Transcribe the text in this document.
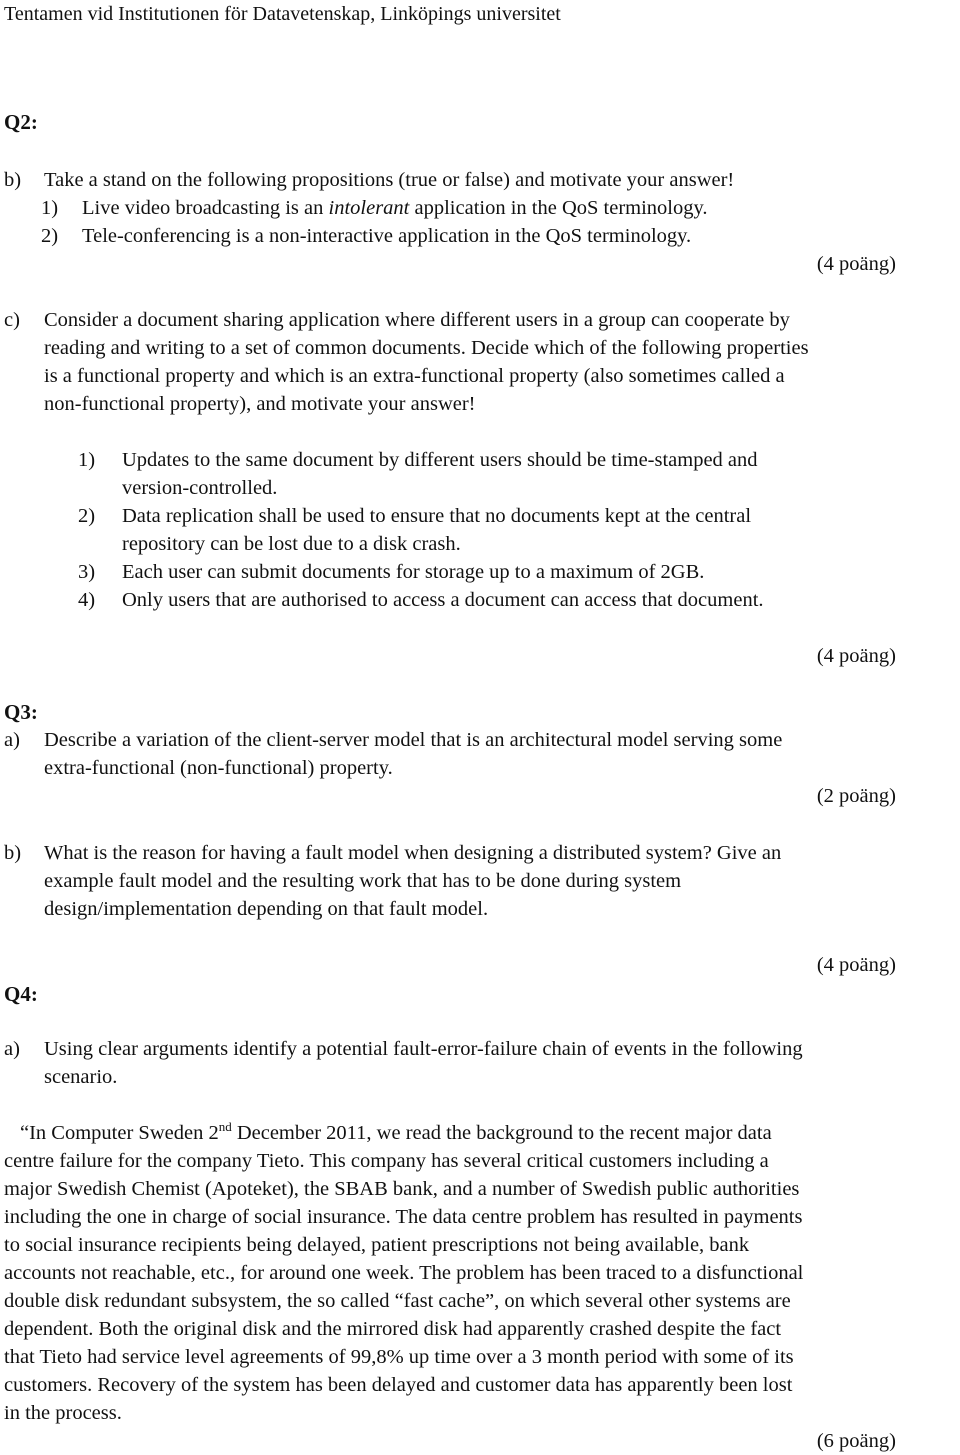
Tentamen vid Institutionen för Datavetenskap, Linköpings universitet
Q2:
b) Take a stand on the following propositions (true or false) and motivate your answer!
1) Live video broadcasting is an intolerant application in the QoS terminology.
2) Tele-conferencing is a non-interactive application in the QoS terminology.
(4 poäng)
c) Consider a document sharing application where different users in a group can cooperate by
reading and writing to a set of common documents. Decide which of the following properties
is a functional property and which is an extra-functional property (also sometimes called a
non-functional property), and motivate your answer!
1) Updates to the same document by different users should be time-stamped and
version-controlled.
2) Data replication shall be used to ensure that no documents kept at the central
repository can be lost due to a disk crash.
3) Each user can submit documents for storage up to a maximum of 2GB.
4) Only users that are authorised to access a document can access that document.
(4 poäng)
Q3:
a) Describe a variation of the client-server model that is an architectural model serving some
extra-functional (non-functional) property.
(2 poäng)
b) What is the reason for having a fault model when designing a distributed system? Give an
example fault model and the resulting work that has to be done during system
design/implementation depending on that fault model.
(4 poäng)
Q4:
a) Using clear arguments identify a potential fault-error-failure chain of events in the following
scenario.
“In Computer Sweden 2nd December 2011, we read the background to the recent major data
centre failure for the company Tieto. This company has several critical customers including a
major Swedish Chemist (Apoteket), the SBAB bank, and a number of Swedish public authorities
including the one in charge of social insurance. The data centre problem has resulted in payments
to social insurance recipients being delayed, patient prescriptions not being available, bank
accounts not reachable, etc., for around one week. The problem has been traced to a disfunctional
double disk redundant subsystem, the so called “fast cache”, on which several other systems are
dependent. Both the original disk and the mirrored disk had apparently crashed despite the fact
that Tieto had service level agreements of 99,8% up time over a 3 month period with some of its
customers. Recovery of the system has been delayed and customer data has apparently been lost
in the process.
(6 poäng)
